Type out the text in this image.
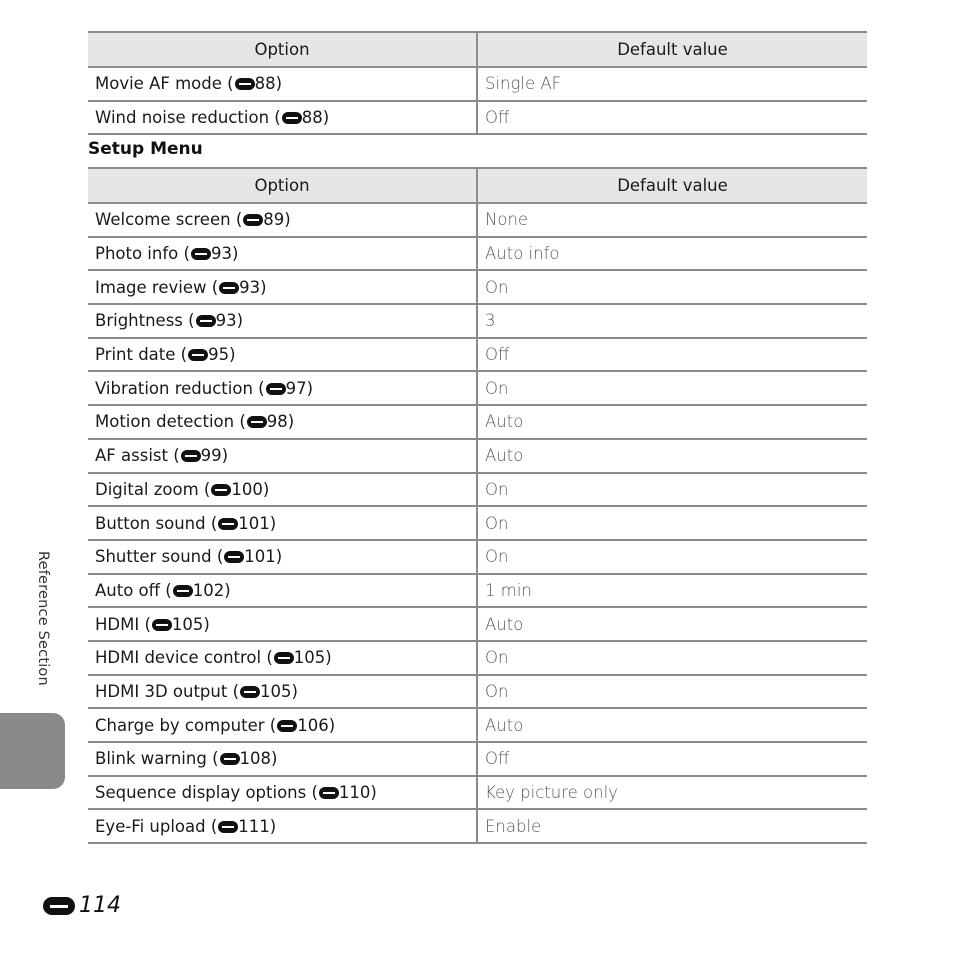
Option	Default value
Movie AF mode ( 88)	Single AF
Wind noise reduction ( 88)	Off
Setup Menu
Option	Default value
Welcome screen ( 89)	None
Photo info ( 93)	Auto info
Image review ( 93)	On
Brightness ( 93)	3
Print date ( 95)	Off
Vibration reduction ( 97)	On
Motion detection ( 98)	Auto
AF assist ( 99)	Auto
Digital zoom ( 100)	On
Button sound ( 101)	On
Shutter sound ( 101)	On
Auto off ( 102)	1 min
HDMI ( 105)	Auto
HDMI device control ( 105)	On
HDMI 3D output ( 105)	On
Charge by computer ( 106)	Auto
Blink warning ( 108)	Off
Sequence display options ( 110)	Key picture only
Eye-Fi upload ( 111)	Enable
Reference Section
114
